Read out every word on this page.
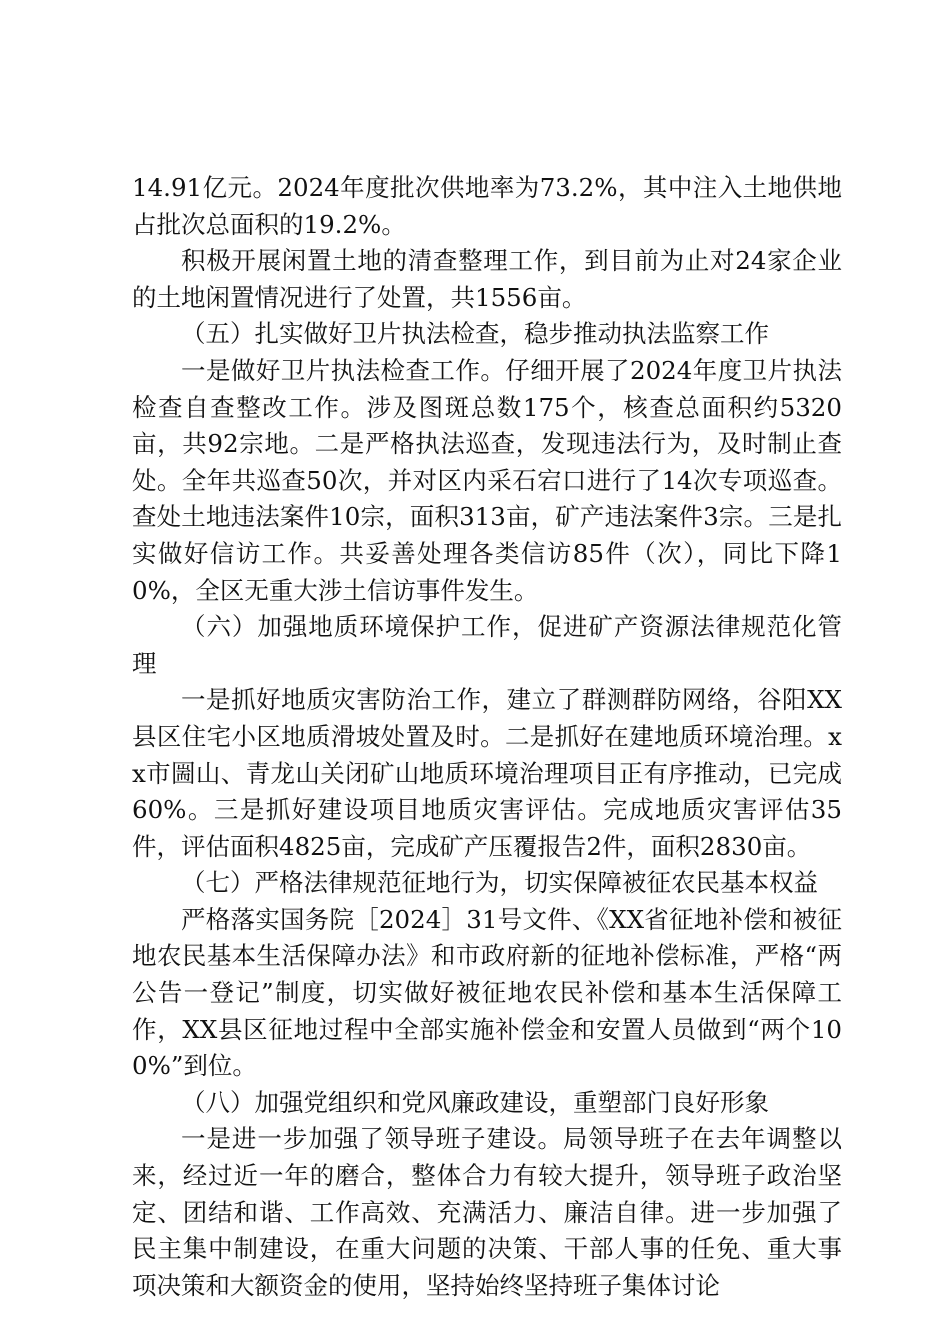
14.91亿元。2024年度批次供地率为73.2%，其中注入土地供地占批次总面积的19.2%。

积极开展闲置土地的清查整理工作，到目前为止对24家企业的土地闲置情况进行了处置，共1556亩。

（五）扎实做好卫片执法检查，稳步推动执法监察工作

一是做好卫片执法检查工作。仔细开展了2024年度卫片执法检查自查整改工作。涉及图斑总数175个，核查总面积约5320亩，共92宗地。二是严格执法巡查，发现违法行为，及时制止查处。全年共巡查50次，并对区内采石宕口进行了14次专项巡查。查处土地违法案件10宗，面积313亩，矿产违法案件3宗。三是扎实做好信访工作。共妥善处理各类信访85件（次），同比下降10%，全区无重大涉土信访事件发生。

（六）加强地质环境保护工作，促进矿产资源法律规范化管理

一是抓好地质灾害防治工作，建立了群测群防网络，谷阳XX县区住宅小区地质滑坡处置及时。二是抓好在建地质环境治理。xx市圌山、青龙山关闭矿山地质环境治理项目正有序推动，已完成60%。三是抓好建设项目地质灾害评估。完成地质灾害评估35件，评估面积4825亩，完成矿产压覆报告2件，面积2830亩。

（七）严格法律规范征地行为，切实保障被征农民基本权益

严格落实国务院［2024］31号文件、《XX省征地补偿和被征地农民基本生活保障办法》和市政府新的征地补偿标准，严格“两公告一登记”制度，切实做好被征地农民补偿和基本生活保障工作，XX县区征地过程中全部实施补偿金和安置人员做到“两个100%”到位。

（八）加强党组织和党风廉政建设，重塑部门良好形象

一是进一步加强了领导班子建设。局领导班子在去年调整以来，经过近一年的磨合，整体合力有较大提升，领导班子政治坚定、团结和谐、工作高效、充满活力、廉洁自律。进一步加强了民主集中制建设，在重大问题的决策、干部人事的任免、重大事项决策和大额资金的使用，坚持始终坚持班子集体讨论
